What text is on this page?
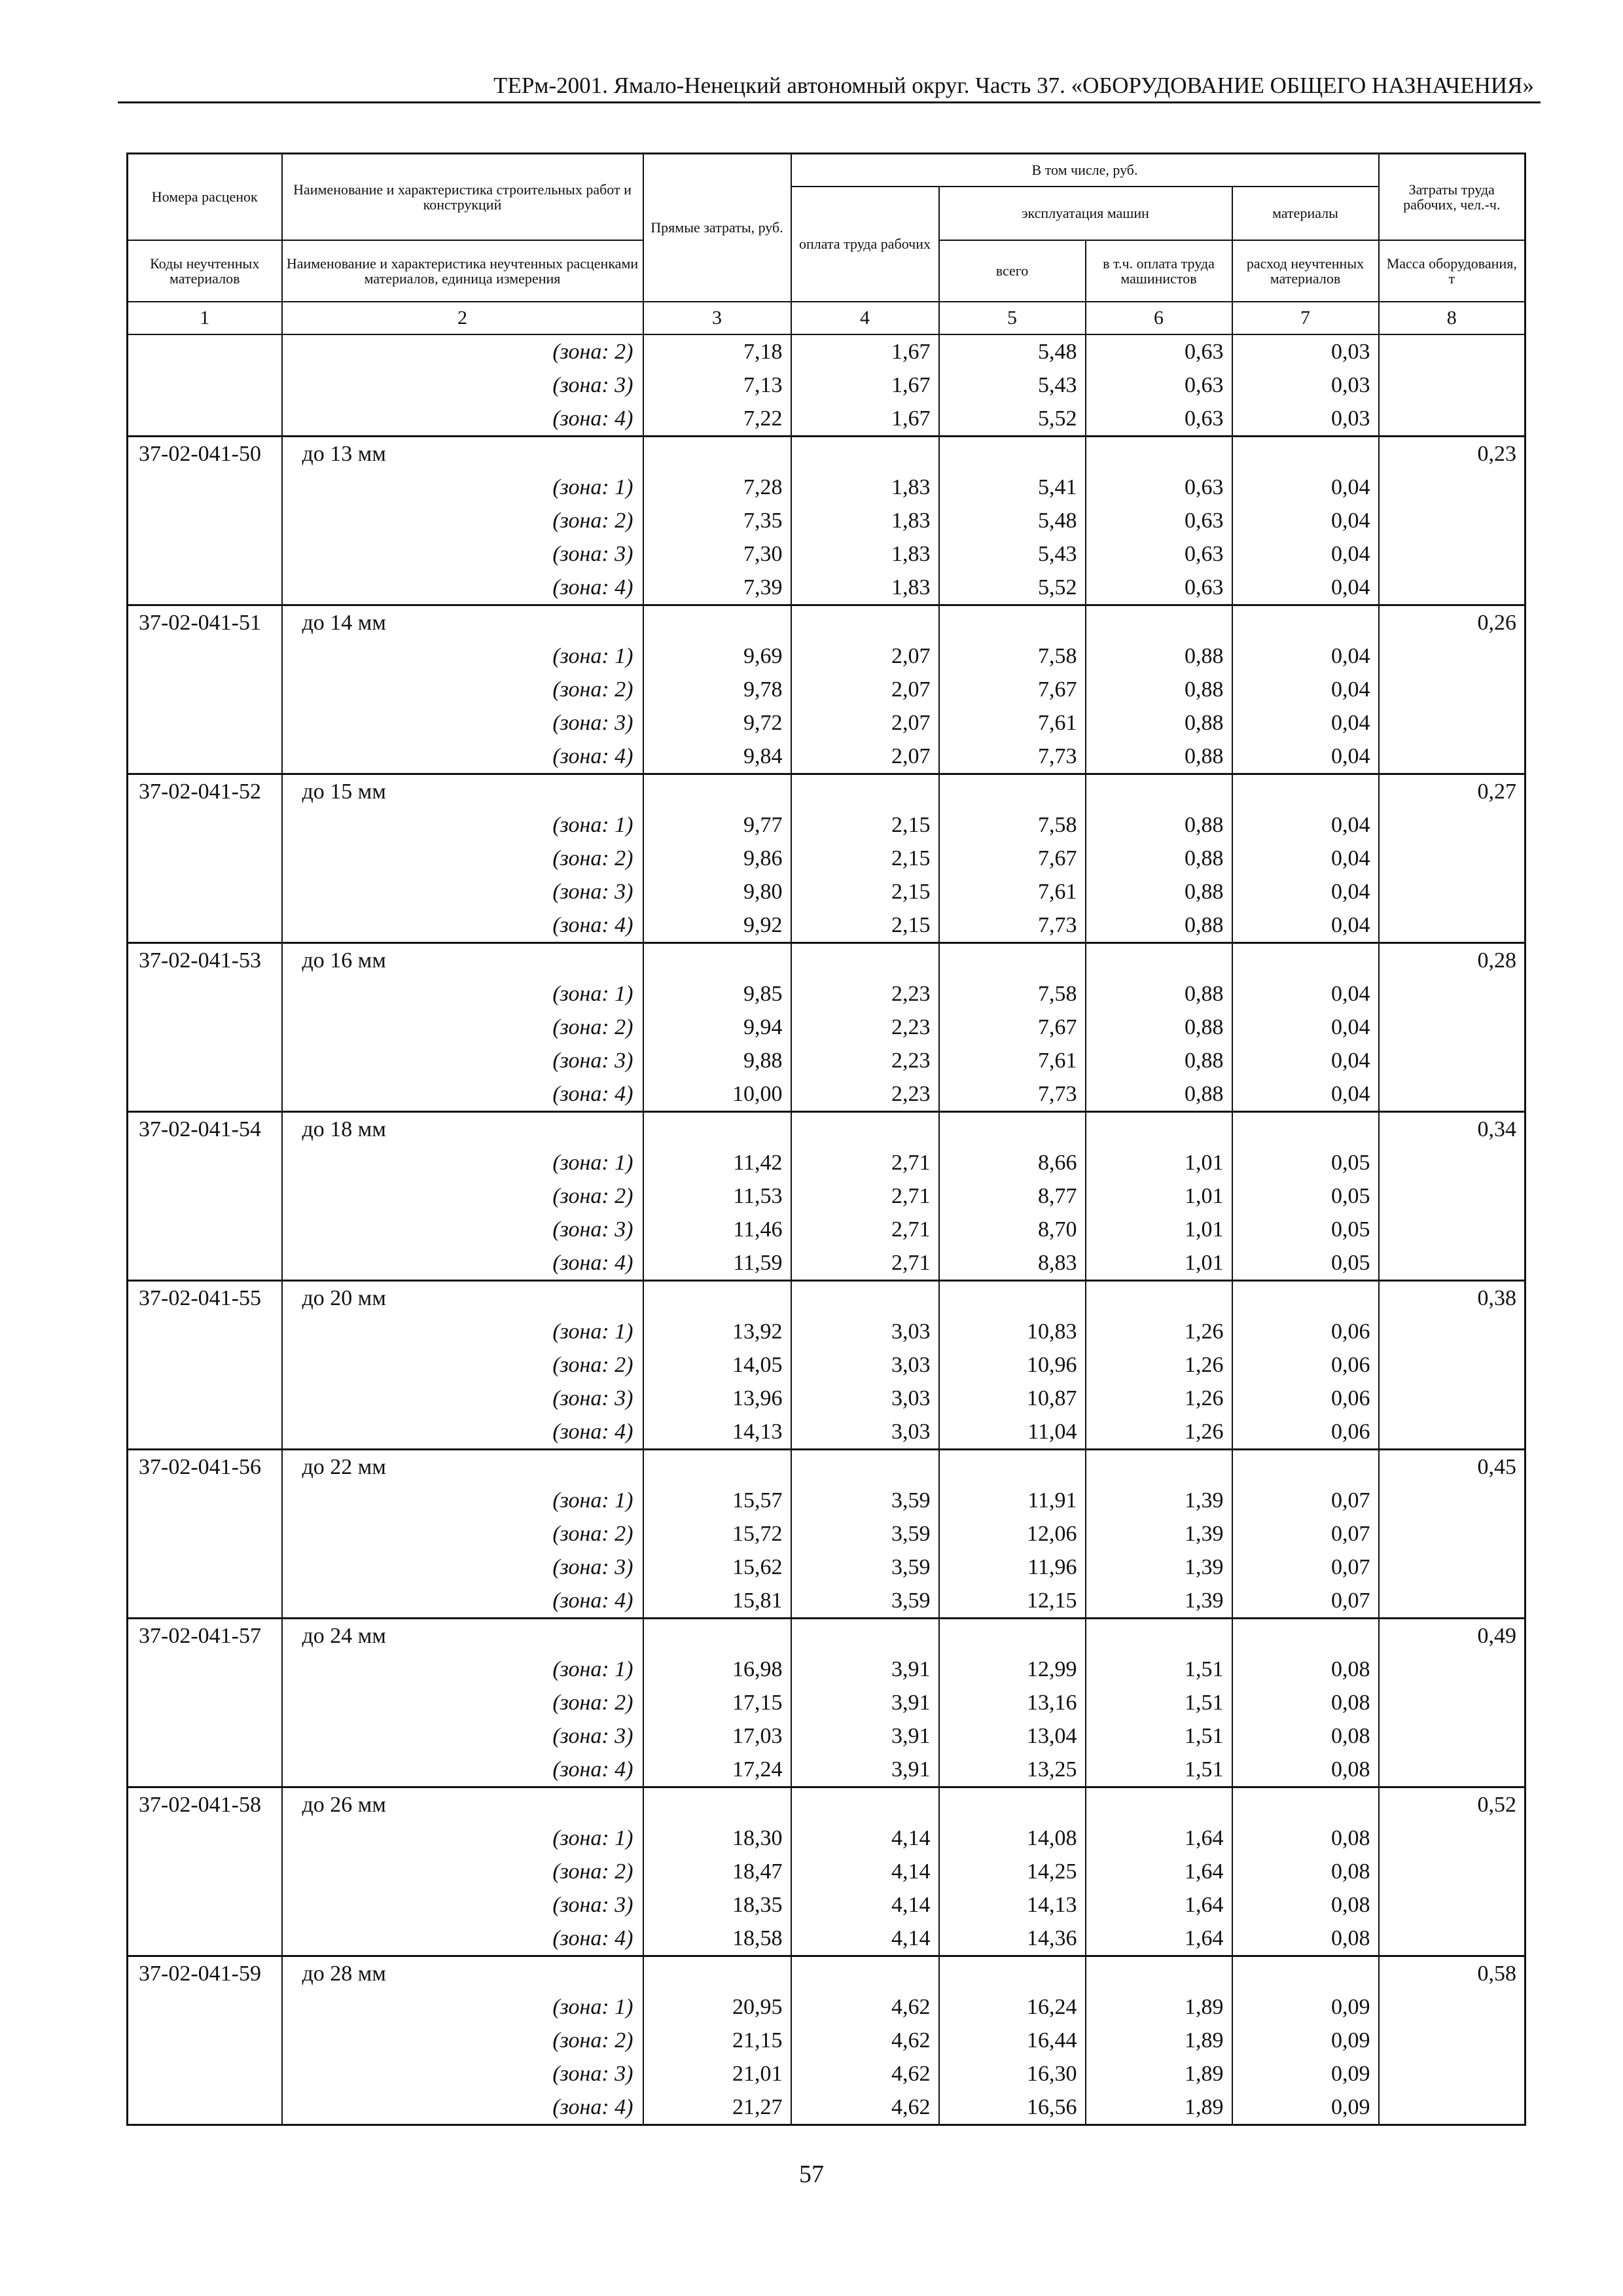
ТЕРм-2001. Ямало-Ненецкий автономный округ. Часть 37. «ОБОРУДОВАНИЕ ОБЩЕГО НАЗНАЧЕНИЯ»
Номера расценок	Наименование и характеристика строительных работ и конструкций	Прямые затраты, руб.	В том числе, руб.				Затраты труда рабочих, чел.-ч.
			оплата труда рабочих	эксплуатация машин		материалы	
Коды неучтенных материалов	Наименование и характеристика неучтенных расценками материалов, единица измерения			всего	в т.ч. оплата труда машинистов	расход неучтенных материалов	Масса оборудования, т
1	2	3	4	5	6	7	8
	(зона: 2)	7,18	1,67	5,48	0,63	0,03	
	(зона: 3)	7,13	1,67	5,43	0,63	0,03	
	(зона: 4)	7,22	1,67	5,52	0,63	0,03	
37-02-041-50	до 13 мм						0,23
	(зона: 1)	7,28	1,83	5,41	0,63	0,04	
	(зона: 2)	7,35	1,83	5,48	0,63	0,04	
	(зона: 3)	7,30	1,83	5,43	0,63	0,04	
	(зона: 4)	7,39	1,83	5,52	0,63	0,04	
37-02-041-51	до 14 мм						0,26
	(зона: 1)	9,69	2,07	7,58	0,88	0,04	
	(зона: 2)	9,78	2,07	7,67	0,88	0,04	
	(зона: 3)	9,72	2,07	7,61	0,88	0,04	
	(зона: 4)	9,84	2,07	7,73	0,88	0,04	
37-02-041-52	до 15 мм						0,27
	(зона: 1)	9,77	2,15	7,58	0,88	0,04	
	(зона: 2)	9,86	2,15	7,67	0,88	0,04	
	(зона: 3)	9,80	2,15	7,61	0,88	0,04	
	(зона: 4)	9,92	2,15	7,73	0,88	0,04	
37-02-041-53	до 16 мм						0,28
	(зона: 1)	9,85	2,23	7,58	0,88	0,04	
	(зона: 2)	9,94	2,23	7,67	0,88	0,04	
	(зона: 3)	9,88	2,23	7,61	0,88	0,04	
	(зона: 4)	10,00	2,23	7,73	0,88	0,04	
37-02-041-54	до 18 мм						0,34
	(зона: 1)	11,42	2,71	8,66	1,01	0,05	
	(зона: 2)	11,53	2,71	8,77	1,01	0,05	
	(зона: 3)	11,46	2,71	8,70	1,01	0,05	
	(зона: 4)	11,59	2,71	8,83	1,01	0,05	
37-02-041-55	до 20 мм						0,38
	(зона: 1)	13,92	3,03	10,83	1,26	0,06	
	(зона: 2)	14,05	3,03	10,96	1,26	0,06	
	(зона: 3)	13,96	3,03	10,87	1,26	0,06	
	(зона: 4)	14,13	3,03	11,04	1,26	0,06	
37-02-041-56	до 22 мм						0,45
	(зона: 1)	15,57	3,59	11,91	1,39	0,07	
	(зона: 2)	15,72	3,59	12,06	1,39	0,07	
	(зона: 3)	15,62	3,59	11,96	1,39	0,07	
	(зона: 4)	15,81	3,59	12,15	1,39	0,07	
37-02-041-57	до 24 мм						0,49
	(зона: 1)	16,98	3,91	12,99	1,51	0,08	
	(зона: 2)	17,15	3,91	13,16	1,51	0,08	
	(зона: 3)	17,03	3,91	13,04	1,51	0,08	
	(зона: 4)	17,24	3,91	13,25	1,51	0,08	
37-02-041-58	до 26 мм						0,52
	(зона: 1)	18,30	4,14	14,08	1,64	0,08	
	(зона: 2)	18,47	4,14	14,25	1,64	0,08	
	(зона: 3)	18,35	4,14	14,13	1,64	0,08	
	(зона: 4)	18,58	4,14	14,36	1,64	0,08	
37-02-041-59	до 28 мм						0,58
	(зона: 1)	20,95	4,62	16,24	1,89	0,09	
	(зона: 2)	21,15	4,62	16,44	1,89	0,09	
	(зона: 3)	21,01	4,62	16,30	1,89	0,09	
	(зона: 4)	21,27	4,62	16,56	1,89	0,09	
57
